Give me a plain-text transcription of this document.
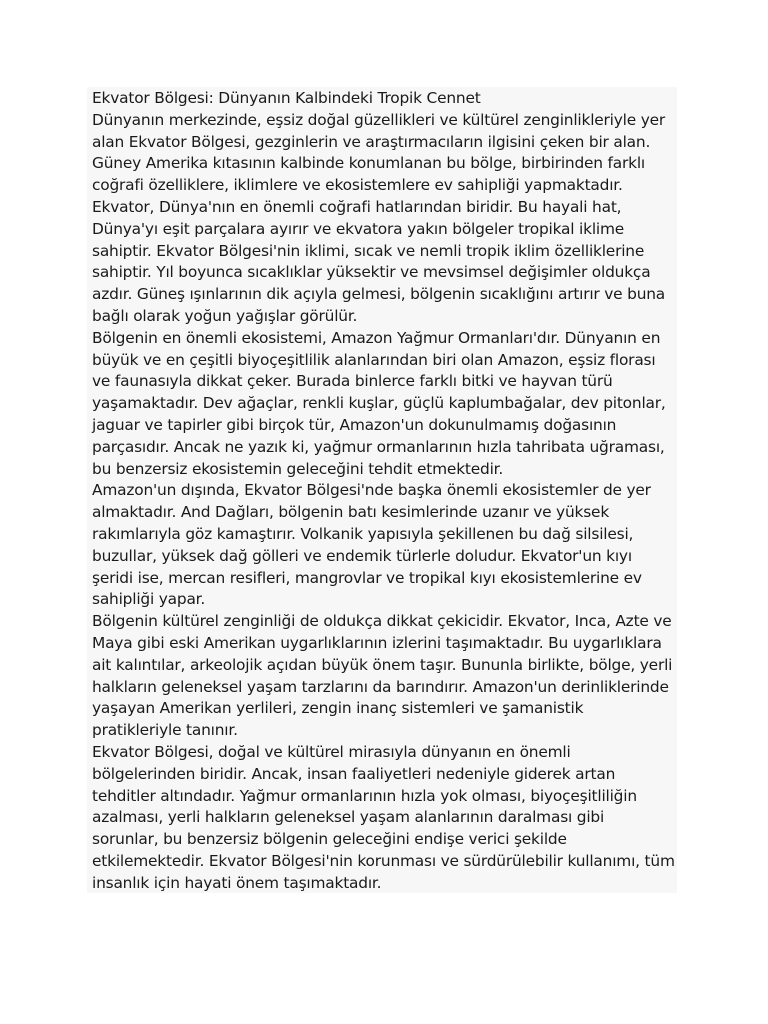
Ekvator Bölgesi: Dünyanın Kalbindeki Tropik Cennet

Dünyanın merkezinde, eşsiz doğal güzellikleri ve kültürel zenginlikleriyle yer alan Ekvator Bölgesi, gezginlerin ve araştırmacıların ilgisini çeken bir alan. Güney Amerika kıtasının kalbinde konumlanan bu bölge, birbirinden farklı coğrafi özelliklere, iklimlere ve ekosistemlere ev sahipliği yapmaktadır.

Ekvator, Dünya'nın en önemli coğrafi hatlarından biridir. Bu hayali hat, Dünya'yı eşit parçalara ayırır ve ekvatora yakın bölgeler tropikal iklime sahiptir. Ekvator Bölgesi'nin iklimi, sıcak ve nemli tropik iklim özelliklerine sahiptir. Yıl boyunca sıcaklıklar yüksektir ve mevsimsel değişimler oldukça azdır. Güneş ışınlarının dik açıyla gelmesi, bölgenin sıcaklığını artırır ve buna bağlı olarak yoğun yağışlar görülür.

Bölgenin en önemli ekosistemi, Amazon Yağmur Ormanları'dır. Dünyanın en büyük ve en çeşitli biyoçeşitlilik alanlarından biri olan Amazon, eşsiz florası ve faunasıyla dikkat çeker. Burada binlerce farklı bitki ve hayvan türü yaşamaktadır. Dev ağaçlar, renkli kuşlar, güçlü kaplumbağalar, dev pitonlar, jaguar ve tapirler gibi birçok tür, Amazon'un dokunulmamış doğasının parçasıdır. Ancak ne yazık ki, yağmur ormanlarının hızla tahribata uğraması, bu benzersiz ekosistemin geleceğini tehdit etmektedir.

Amazon'un dışında, Ekvator Bölgesi'nde başka önemli ekosistemler de yer almaktadır. And Dağları, bölgenin batı kesimlerinde uzanır ve yüksek rakımlarıyla göz kamaştırır. Volkanik yapısıyla şekillenen bu dağ silsilesi, buzullar, yüksek dağ gölleri ve endemik türlerle doludur. Ekvator'un kıyı şeridi ise, mercan resifleri, mangrovlar ve tropikal kıyı ekosistemlerine ev sahipliği yapar.

Bölgenin kültürel zenginliği de oldukça dikkat çekicidir. Ekvator, Inca, Azte ve Maya gibi eski Amerikan uygarlıklarının izlerini taşımaktadır. Bu uygarlıklara ait kalıntılar, arkeolojik açıdan büyük önem taşır. Bununla birlikte, bölge, yerli halkların geleneksel yaşam tarzlarını da barındırır. Amazon'un derinliklerinde yaşayan Amerikan yerlileri, zengin inanç sistemleri ve şamanistik pratikleriyle tanınır.

Ekvator Bölgesi, doğal ve kültürel mirasıyla dünyanın en önemli bölgelerinden biridir. Ancak, insan faaliyetleri nedeniyle giderek artan tehditler altındadır. Yağmur ormanlarının hızla yok olması, biyoçeşitliliğin azalması, yerli halkların geleneksel yaşam alanlarının daralması gibi sorunlar, bu benzersiz bölgenin geleceğini endişe verici şekilde etkilemektedir. Ekvator Bölgesi'nin korunması ve sürdürülebilir kullanımı, tüm insanlık için hayati önem taşımaktadır.
